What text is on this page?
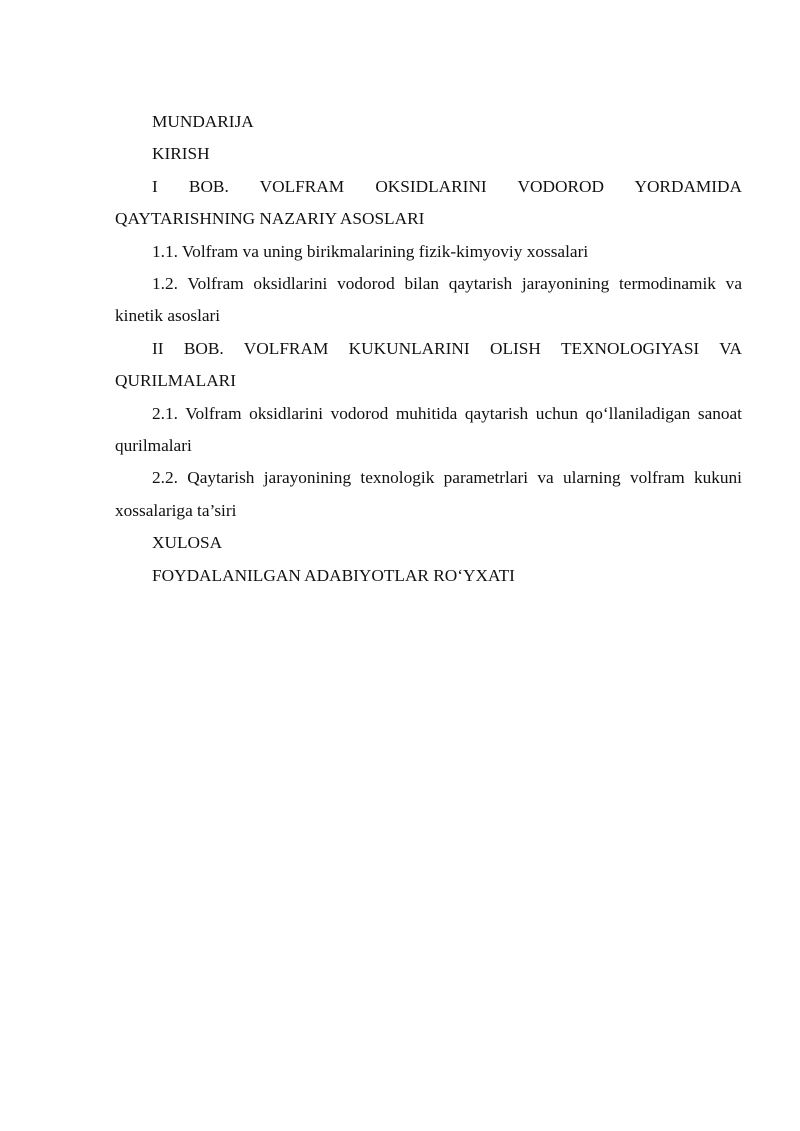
MUNDARIJA

KIRISH

I BOB. VOLFRAM OKSIDLARINI VODOROD YORDAMIDA QAYTARISHNING NAZARIY ASOSLARI

1.1. Volfram va uning birikmalarining fizik-kimyoviy xossalari

1.2. Volfram oksidlarini vodorod bilan qaytarish jarayonining termodinamik va kinetik asoslari

II BOB. VOLFRAM KUKUNLARINI OLISH TEXNOLOGIYASI VA QURILMALARI

2.1. Volfram oksidlarini vodorod muhitida qaytarish uchun qo‘llaniladigan sanoat qurilmalari

2.2. Qaytarish jarayonining texnologik parametrlari va ularning volfram kukuni xossalariga ta’siri

XULOSA

FOYDALANILGAN ADABIYOTLAR RO‘YXATI
